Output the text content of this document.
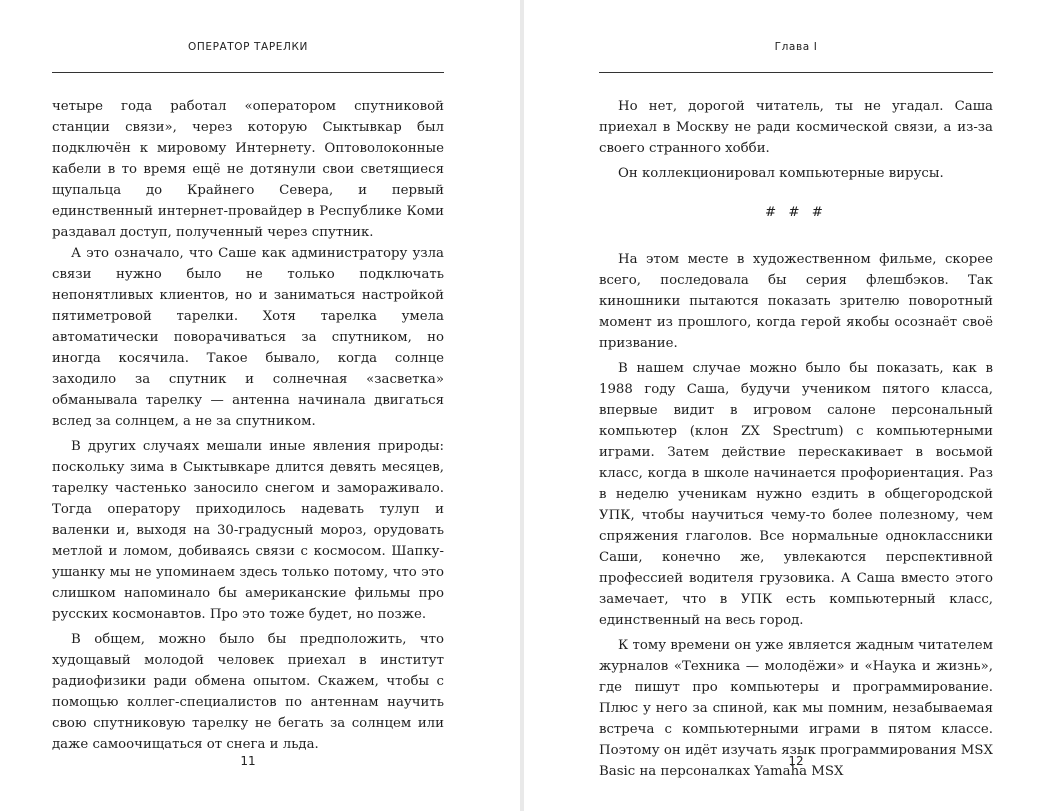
ОПЕРАТОР ТАРЕЛКИ

четыре года работал «оператором спутниковой станции связи», через которую Сыктывкар был подключён к мировому Интернету. Оптоволоконные кабели в то время ещё не дотянули свои светящиеся щупальца до Крайнего Севера, и первый единственный интернет-провайдер в Республике Коми раздавал доступ, полученный через спутник.

А это означало, что Саше как администратору узла связи нужно было не только подключать непонятливых клиентов, но и заниматься настройкой пятиметровой тарелки. Хотя тарелка умела автоматически поворачиваться за спутником, но иногда косячила. Такое бывало, когда солнце заходило за спутник и солнечная «засветка» обманывала тарелку — антенна начинала двигаться вслед за солнцем, а не за спутником.

В других случаях мешали иные явления природы: поскольку зима в Сыктывкаре длится девять месяцев, тарелку частенько заносило снегом и замораживало. Тогда оператору приходилось надевать тулуп и валенки и, выходя на 30-градусный мороз, орудовать метлой и ломом, добиваясь связи с космосом. Шапку-ушанку мы не упоминаем здесь только потому, что это слишком напоминало бы американские фильмы про русских космонавтов. Про это тоже будет, но позже.

В общем, можно было бы предположить, что худощавый молодой человек приехал в институт радиофизики ради обмена опытом. Скажем, чтобы с помощью коллег-специалистов по антеннам научить свою спутниковую тарелку не бегать за солнцем или даже самоочищаться от снега и льда.

11
Глава I

Но нет, дорогой читатель, ты не угадал. Саша приехал в Москву не ради космической связи, а из-за своего странного хобби.

Он коллекционировал компьютерные вирусы.

# # #

На этом месте в художественном фильме, скорее всего, последовала бы серия флешбэков. Так киношники пытаются показать зрителю поворотный момент из прошлого, когда герой якобы осознаёт своё призвание.

В нашем случае можно было бы показать, как в 1988 году Саша, будучи учеником пятого класса, впервые видит в игровом салоне персональный компьютер (клон ZX Spectrum) с компьютерными играми. Затем действие перескакивает в восьмой класс, когда в школе начинается профориентация. Раз в неделю ученикам нужно ездить в общегородской УПК, чтобы научиться чему-то более полезному, чем спряжения глаголов. Все нормальные одноклассники Саши, конечно же, увлекаются перспективной профессией водителя грузовика. А Саша вместо этого замечает, что в УПК есть компьютерный класс, единственный на весь город.

К тому времени он уже является жадным читателем журналов «Техника — молодёжи» и «Наука и жизнь», где пишут про компьютеры и программирование. Плюс у него за спиной, как мы помним, незабываемая встреча с компьютерными играми в пятом классе. Поэтому он идёт изучать язык программирования MSX Basic на персоналках Yamaha MSX

12
